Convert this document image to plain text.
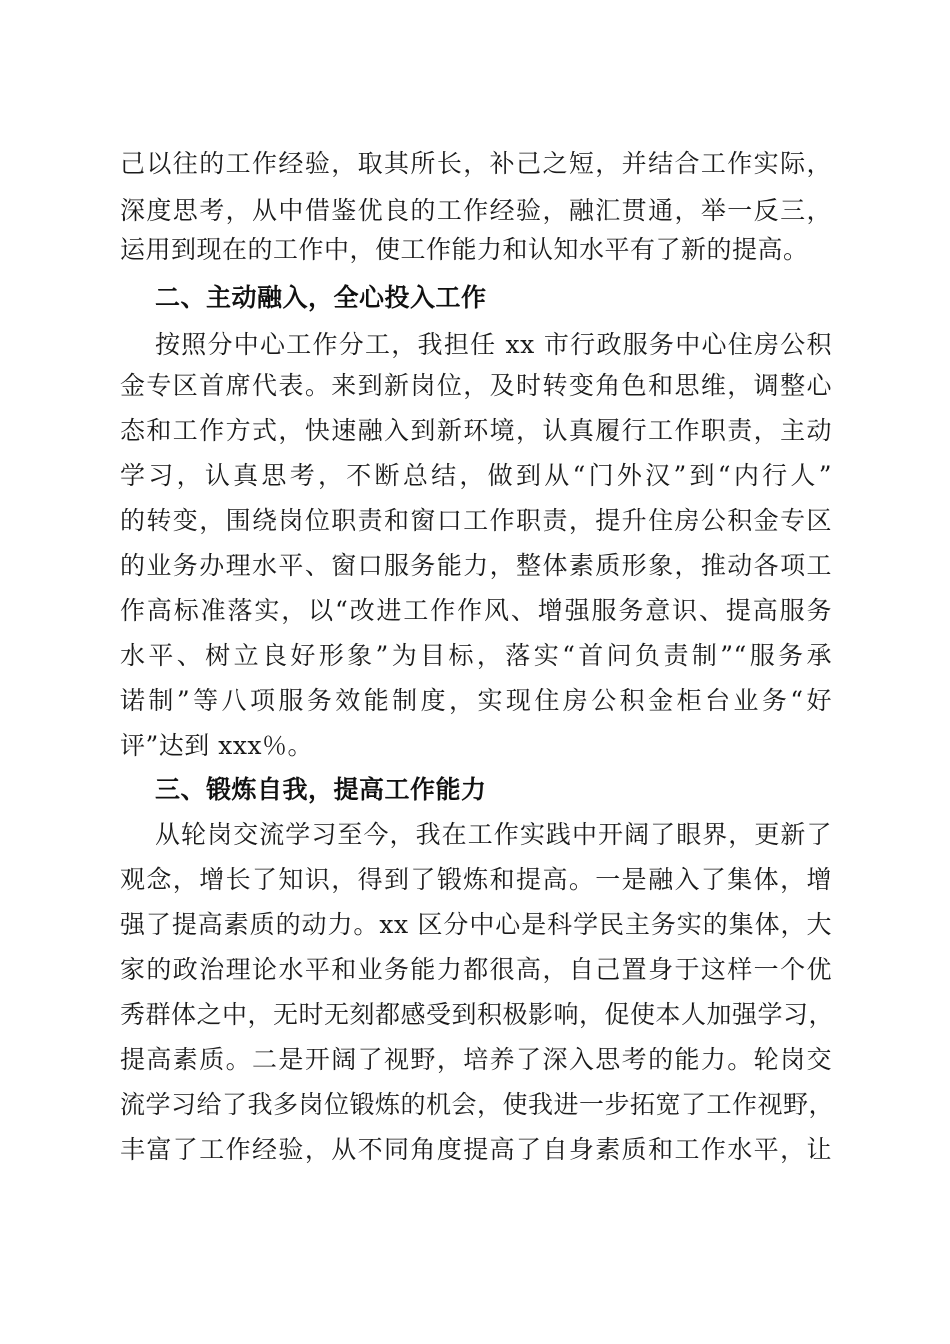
己以往的工作经验，取其所长，补己之短，并结合工作实际，
深度思考，从中借鉴优良的工作经验，融汇贯通，举一反三，
运用到现在的工作中，使工作能力和认知水平有了新的提高。
二、主动融入，全心投入工作
按照分中心工作分工，我担任 xx 市行政服务中心住房公积
金专区首席代表。来到新岗位，及时转变角色和思维，调整心
态和工作方式，快速融入到新环境，认真履行工作职责，主动
学习，认真思考，不断总结，做到从“门外汉”到“内行人”
的转变，围绕岗位职责和窗口工作职责，提升住房公积金专区
的业务办理水平、窗口服务能力，整体素质形象，推动各项工
作高标准落实，以“改进工作作风、增强服务意识、提高服务
水平、树立良好形象”为目标，落实“首问负责制”“服务承
诺制”等八项服务效能制度，实现住房公积金柜台业务“好
评”达到 xxx％。
三、锻炼自我，提高工作能力
从轮岗交流学习至今，我在工作实践中开阔了眼界，更新了
观念，增长了知识，得到了锻炼和提高。一是融入了集体，增
强了提高素质的动力。xx 区分中心是科学民主务实的集体，大
家的政治理论水平和业务能力都很高，自己置身于这样一个优
秀群体之中，无时无刻都感受到积极影响，促使本人加强学习，
提高素质。二是开阔了视野，培养了深入思考的能力。轮岗交
流学习给了我多岗位锻炼的机会，使我进一步拓宽了工作视野，
丰富了工作经验，从不同角度提高了自身素质和工作水平，让
